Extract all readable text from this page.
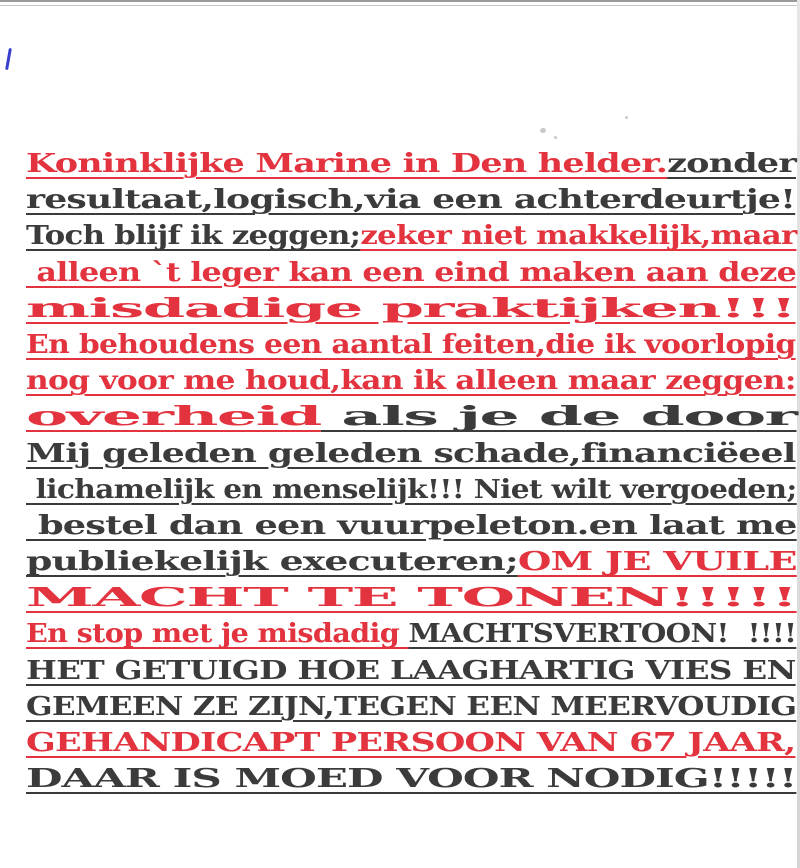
Koninklijke Marine in Den helder.zonder
resultaat,logisch,via een achterdeurtje!
Toch blijf ik zeggen;zeker niet makkelijk,maar
alleen `t leger kan een eind maken aan deze
misdadige praktijken!!!
En behoudens een aantal feiten,die ik voorlopig
nog voor me houd,kan ik alleen maar zeggen:
overheid als je de door
Mij geleden geleden schade,financiëeel
lichamelijk en menselijk!!! Niet wilt vergoeden;
bestel dan een vuurpeleton.en laat me
publiekelijk executeren;OM JE VUILE
MACHT TE TONEN!!!!!
En stop met je misdadig MACHTSVERTOON!  !!!!
HET GETUIGD HOE LAAGHARTIG VIES EN
GEMEEN ZE ZIJN,TEGEN EEN MEERVOUDIG
GEHANDICAPT PERSOON VAN 67 JAAR,
DAAR IS MOED VOOR NODIG!!!!!
